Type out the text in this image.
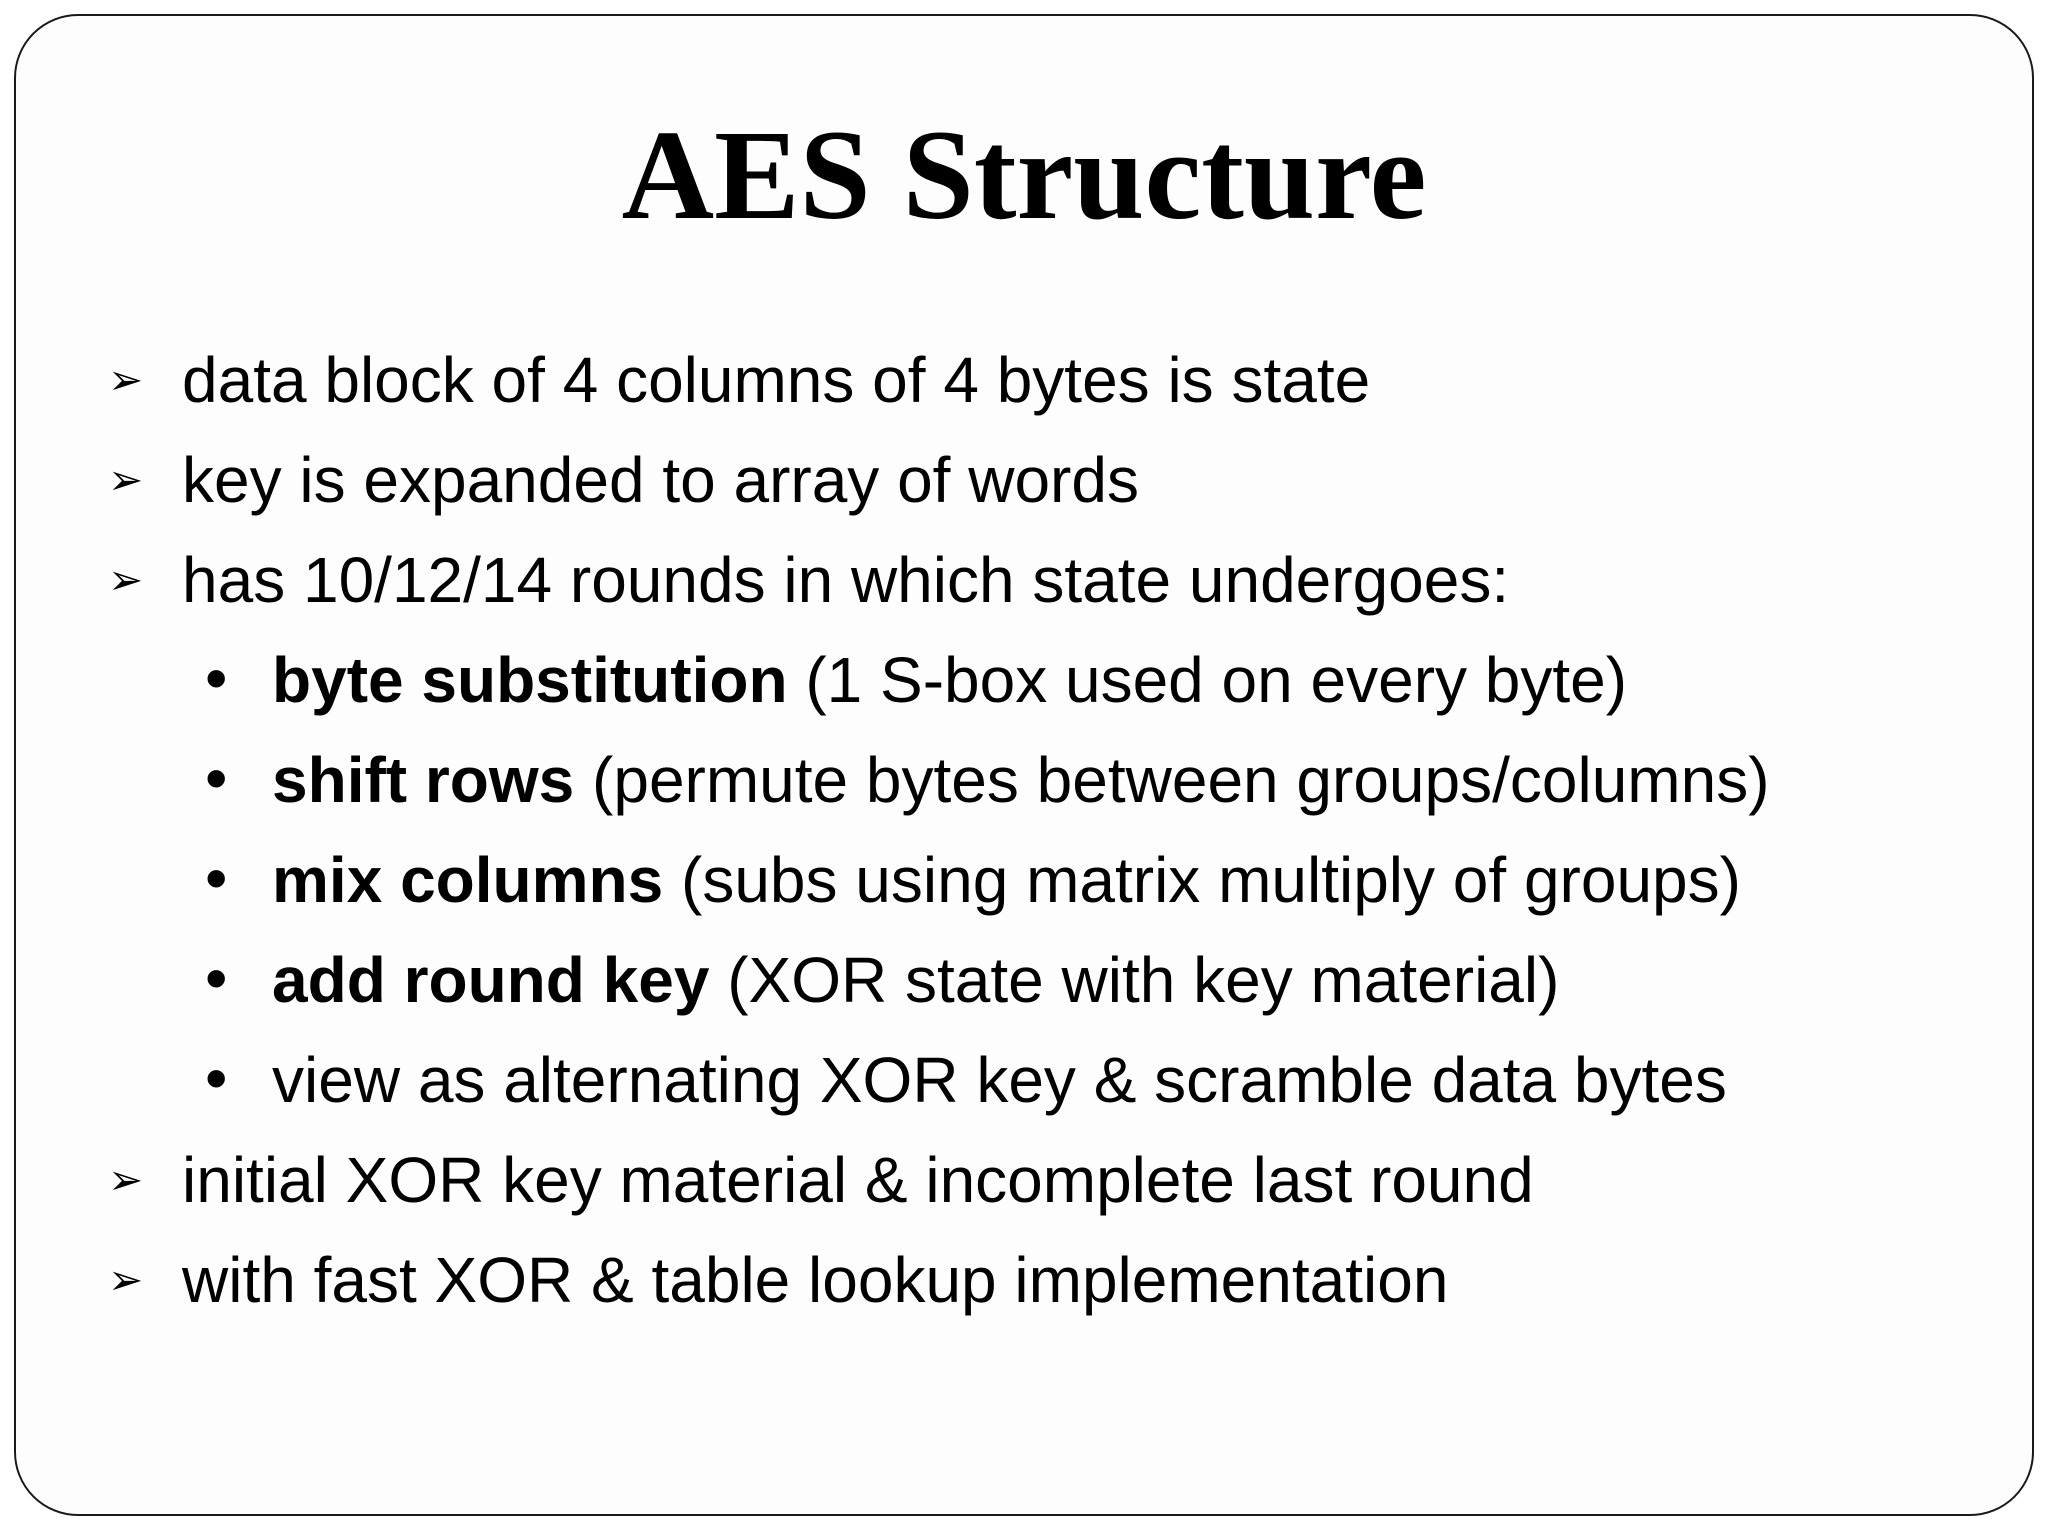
AES Structure
➢ data block of 4 columns of 4 bytes is state
➢ key is expanded to array of words
➢ has 10/12/14 rounds in which state undergoes:
• byte substitution (1 S-box used on every byte)
• shift rows (permute bytes between groups/columns)
• mix columns (subs using matrix multiply of groups)
• add round key (XOR state with key material)
• view as alternating XOR key & scramble data bytes
➢ initial XOR key material & incomplete last round
➢ with fast XOR & table lookup implementation
